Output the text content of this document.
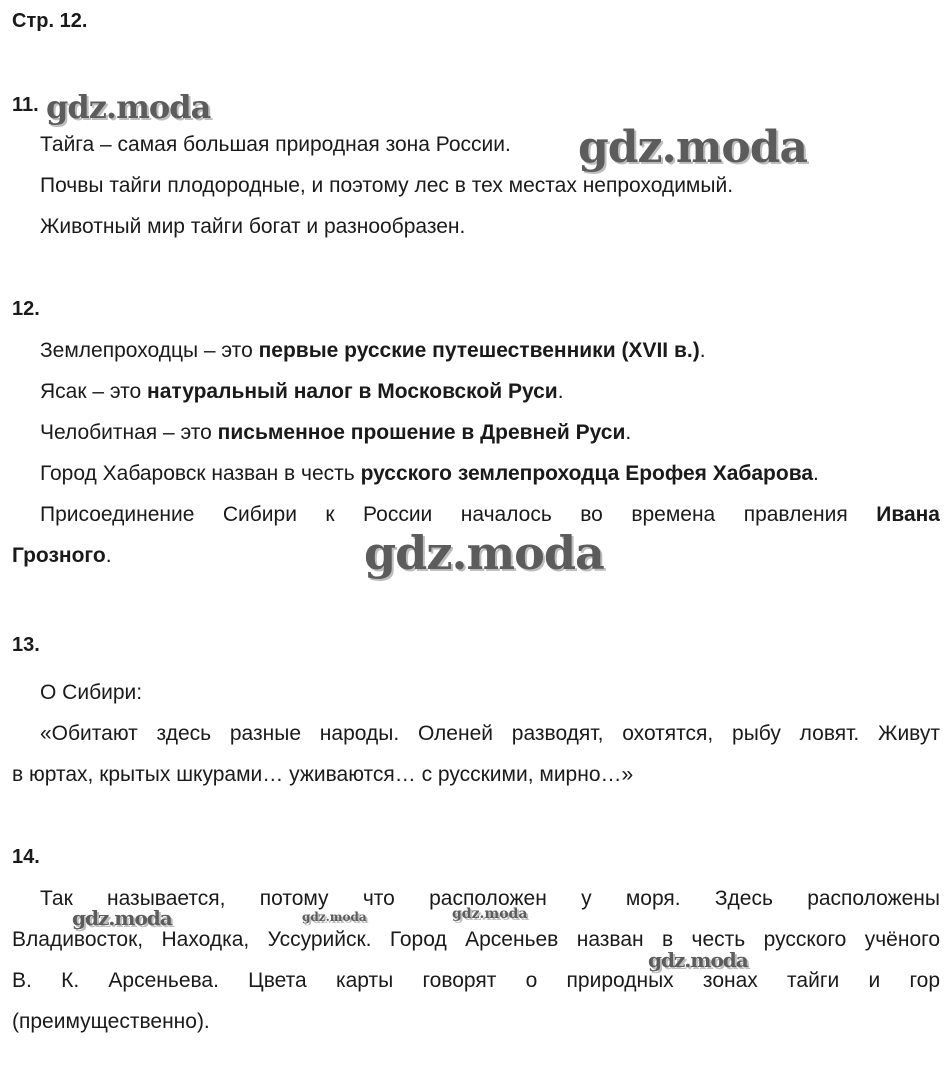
Стр. 12.
11.
Тайга – самая большая природная зона России.
Почвы тайги плодородные, и поэтому лес в тех местах непроходимый.
Животный мир тайги богат и разнообразен.
12.
Землепроходцы – это первые русские путешественники (XVII в.).
Ясак – это натуральный налог в Московской Руси.
Челобитная – это письменное прошение в Древней Руси.
Город Хабаровск назван в честь русского землепроходца Ерофея Хабарова.
Присоединение Сибири к России началось во времена правления Ивана
Грозного.
13.
О Сибири:
«Обитают здесь разные народы. Оленей разводят, охотятся, рыбу ловят. Живут
в юртах, крытых шкурами… уживаются… с русскими, мирно…»
14.
Так называется, потому что расположен у моря. Здесь расположены
Владивосток, Находка, Уссурийск. Город Арсеньев назван в честь русского учёного
В. К. Арсеньева. Цвета карты говорят о природных зонах тайги и гор
(преимущественно).
gdz.moda
gdz.moda
gdz.moda
gdz.moda	gdz.moda	gdz.moda
gdz.moda
